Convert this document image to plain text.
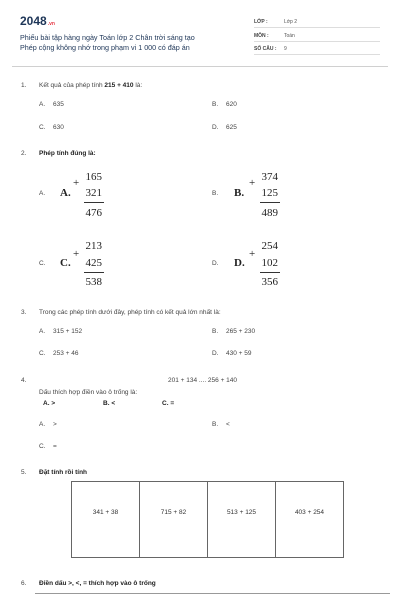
2048.vn
Phiếu bài tập hàng ngày Toán lớp 2 Chân trời sáng tạo
Phép cộng không nhớ trong phạm vi 1 000 có đáp án
LỚP :	Lớp 2
MÔN :	Toán
SỐ CÂU : 9
1. Kết quả của phép tính 215 + 410 là:
A. 635	B. 620
C. 630	D. 625
2. Phép tính đúng là:
A. A.
+ 165
321
476
B. B.
+ 374
125
489
C. C.
+
213
425
538
D. D.
+
254
102
356
3. Trong các phép tính dưới đây, phép tính có kết quả lớn nhất là:
A. 315 + 152	B. 265 + 230
C. 253 + 46	D. 430 + 59
4.	201 + 134 .... 256 + 140
Dấu thích hợp điền vào ô trống là:
A. >	B. <	C. =
A. >	B. <
C. =
5. Đặt tính rồi tính
341 + 38	715 + 82	513 + 125	403 + 254
6. Điền dấu >, <, = thích hợp vào ô trống
